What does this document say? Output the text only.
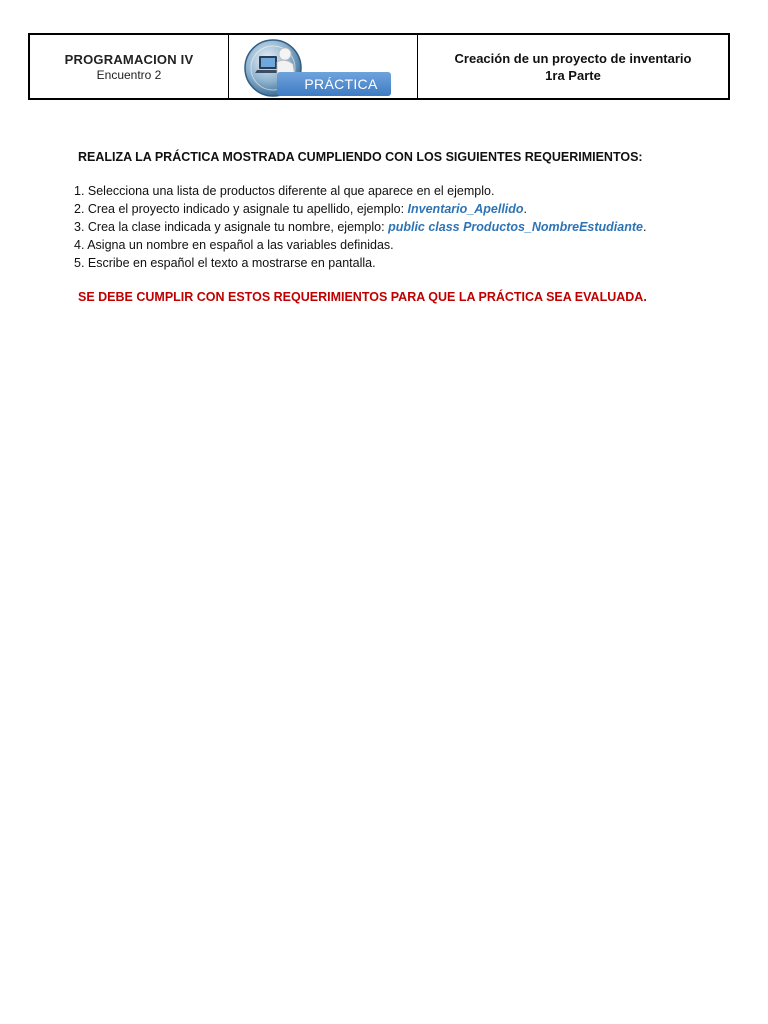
PROGRAMACION IV
Encuentro 2
PRÁCTICA
Creación de un proyecto de inventario
1ra Parte
REALIZA LA PRÁCTICA MOSTRADA CUMPLIENDO CON LOS SIGUIENTES REQUERIMIENTOS:
1. Selecciona una lista de productos diferente al que aparece en el ejemplo.
2. Crea el proyecto indicado y asignale tu apellido, ejemplo: Inventario_Apellido.
3. Crea la clase indicada y asignale tu nombre, ejemplo: public class Productos_NombreEstudiante.
4. Asigna un nombre en español a las variables definidas.
5. Escribe en español el texto a mostrarse en pantalla.
SE DEBE CUMPLIR CON ESTOS REQUERIMIENTOS PARA QUE LA PRÁCTICA SEA EVALUADA.
